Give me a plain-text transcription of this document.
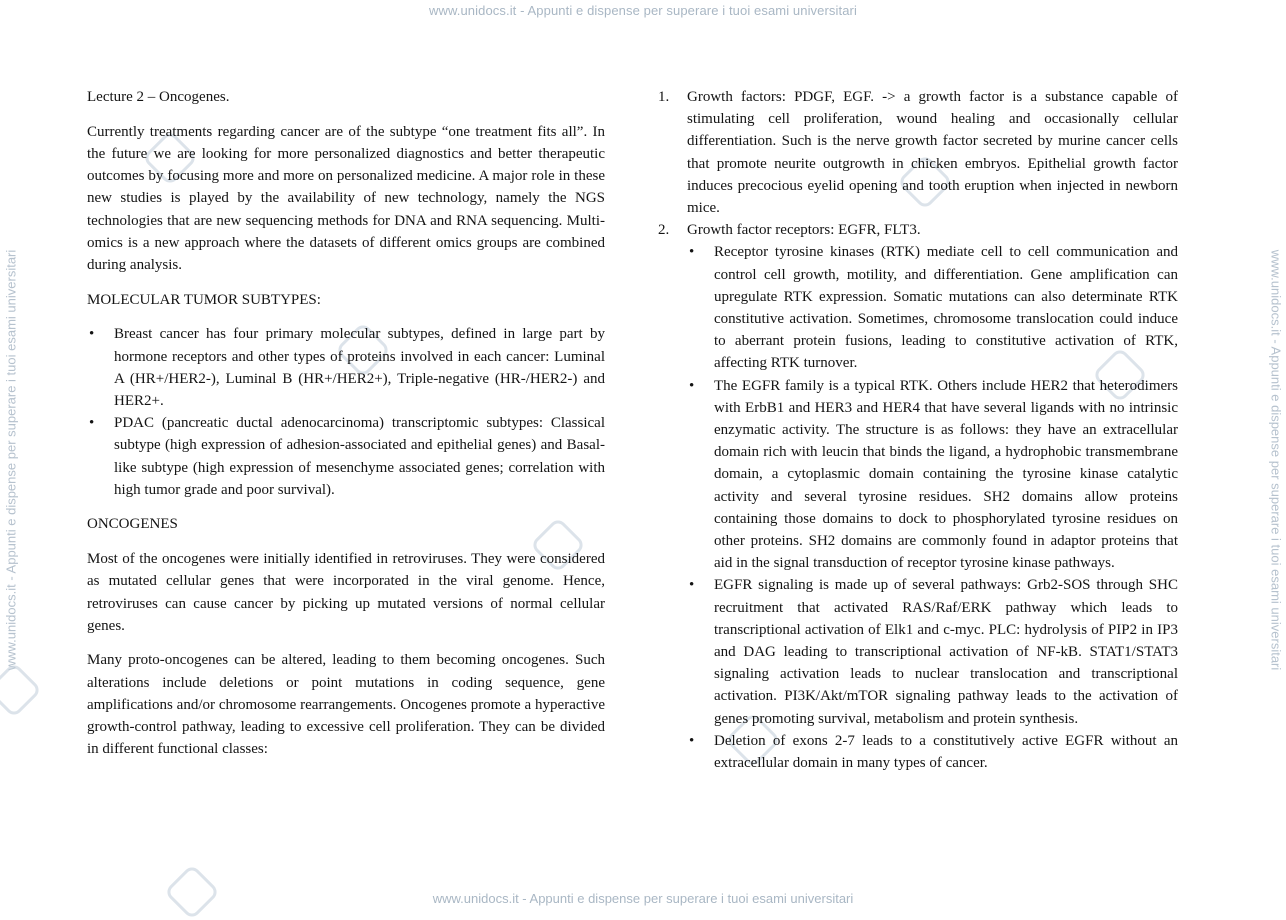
www.unidocs.it - Appunti e dispense per superare i tuoi esami universitari
www.unidocs.it - Appunti e dispense per superare i tuoi esami universitari
www.unidocs.it - Appunti e dispense per superare i tuoi esami universitari	www.unidocs.it - Appunti e dispense per superare i tuoi esami universitari

Lecture 2 – Oncogenes.

Currently treatments regarding cancer are of the subtype “one treatment fits all”. In the future we are looking for more personalized diagnostics and better therapeutic outcomes by focusing more and more on personalized medicine. A major role in these new studies is played by the availability of new technology, namely the NGS technologies that are new sequencing methods for DNA and RNA sequencing. Multi-omics is a new approach where the datasets of different omics groups are combined during analysis.

MOLECULAR TUMOR SUBTYPES:

• Breast cancer has four primary molecular subtypes, defined in large part by hormone receptors and other types of proteins involved in each cancer: Luminal A (HR+/HER2-), Luminal B (HR+/HER2+), Triple-negative (HR-/HER2-) and HER2+.
• PDAC (pancreatic ductal adenocarcinoma) transcriptomic subtypes: Classical subtype (high expression of adhesion-associated and epithelial genes) and Basal-like subtype (high expression of mesenchyme associated genes; correlation with high tumor grade and poor survival).

ONCOGENES

Most of the oncogenes were initially identified in retroviruses. They were considered as mutated cellular genes that were incorporated in the viral genome. Hence, retroviruses can cause cancer by picking up mutated versions of normal cellular genes.

Many proto-oncogenes can be altered, leading to them becoming oncogenes. Such alterations include deletions or point mutations in coding sequence, gene amplifications and/or chromosome rearrangements. Oncogenes promote a hyperactive growth-control pathway, leading to excessive cell proliferation. They can be divided in different functional classes:

1. Growth factors: PDGF, EGF. -> a growth factor is a substance capable of stimulating cell proliferation, wound healing and occasionally cellular differentiation. Such is the nerve growth factor secreted by murine cancer cells that promote neurite outgrowth in chicken embryos. Epithelial growth factor induces precocious eyelid opening and tooth eruption when injected in newborn mice.
2. Growth factor receptors: EGFR, FLT3.
• Receptor tyrosine kinases (RTK) mediate cell to cell communication and control cell growth, motility, and differentiation. Gene amplification can upregulate RTK expression. Somatic mutations can also determinate RTK constitutive activation. Sometimes, chromosome translocation could induce to aberrant protein fusions, leading to constitutive activation of RTK, affecting RTK turnover.
• The EGFR family is a typical RTK. Others include HER2 that heterodimers with ErbB1 and HER3 and HER4 that have several ligands with no intrinsic enzymatic activity. The structure is as follows: they have an extracellular domain rich with leucin that binds the ligand, a hydrophobic transmembrane domain, a cytoplasmic domain containing the tyrosine kinase catalytic activity and several tyrosine residues. SH2 domains allow proteins containing those domains to dock to phosphorylated tyrosine residues on other proteins. SH2 domains are commonly found in adaptor proteins that aid in the signal transduction of receptor tyrosine kinase pathways.
• EGFR signaling is made up of several pathways: Grb2-SOS through SHC recruitment that activated RAS/Raf/ERK pathway which leads to transcriptional activation of Elk1 and c-myc. PLC: hydrolysis of PIP2 in IP3 and DAG leading to transcriptional activation of NF-kB. STAT1/STAT3 signaling activation leads to nuclear translocation and transcriptional activation. PI3K/Akt/mTOR signaling pathway leads to the activation of genes promoting survival, metabolism and protein synthesis.
• Deletion of exons 2-7 leads to a constitutively active EGFR without an extracellular domain in many types of cancer.
